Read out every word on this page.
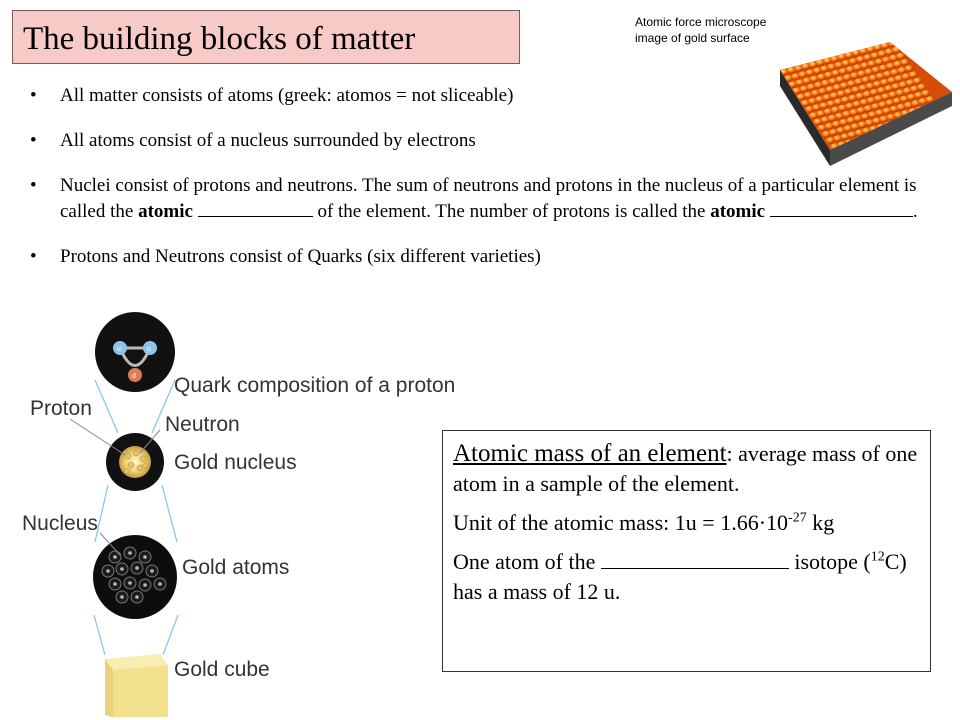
The building blocks of matter	Atomic force microscope
image of gold surface
• All matter consists of atoms (greek: atomos = not sliceable)
• All atoms consist of a nucleus surrounded by electrons
• Nuclei consist of protons and neutrons. The sum of neutrons and protons in the nucleus of a particular element is called the atomic	of the element. The number of protons is called the atomic	.
• Protons and Neutrons consist of Quarks (six different varieties)
u	u
d Quark composition of a proton
Proton
Neutron
Gold nucleus
Nucleus
Gold atoms
Gold cube

Atomic mass of an element: average mass of one atom in a sample of the element.

Unit of the atomic mass: $1u = 1.66\cdot 10^{-27}$ kg

One atom of the	isotope ($^{12}$C) has a mass of 12 u.
